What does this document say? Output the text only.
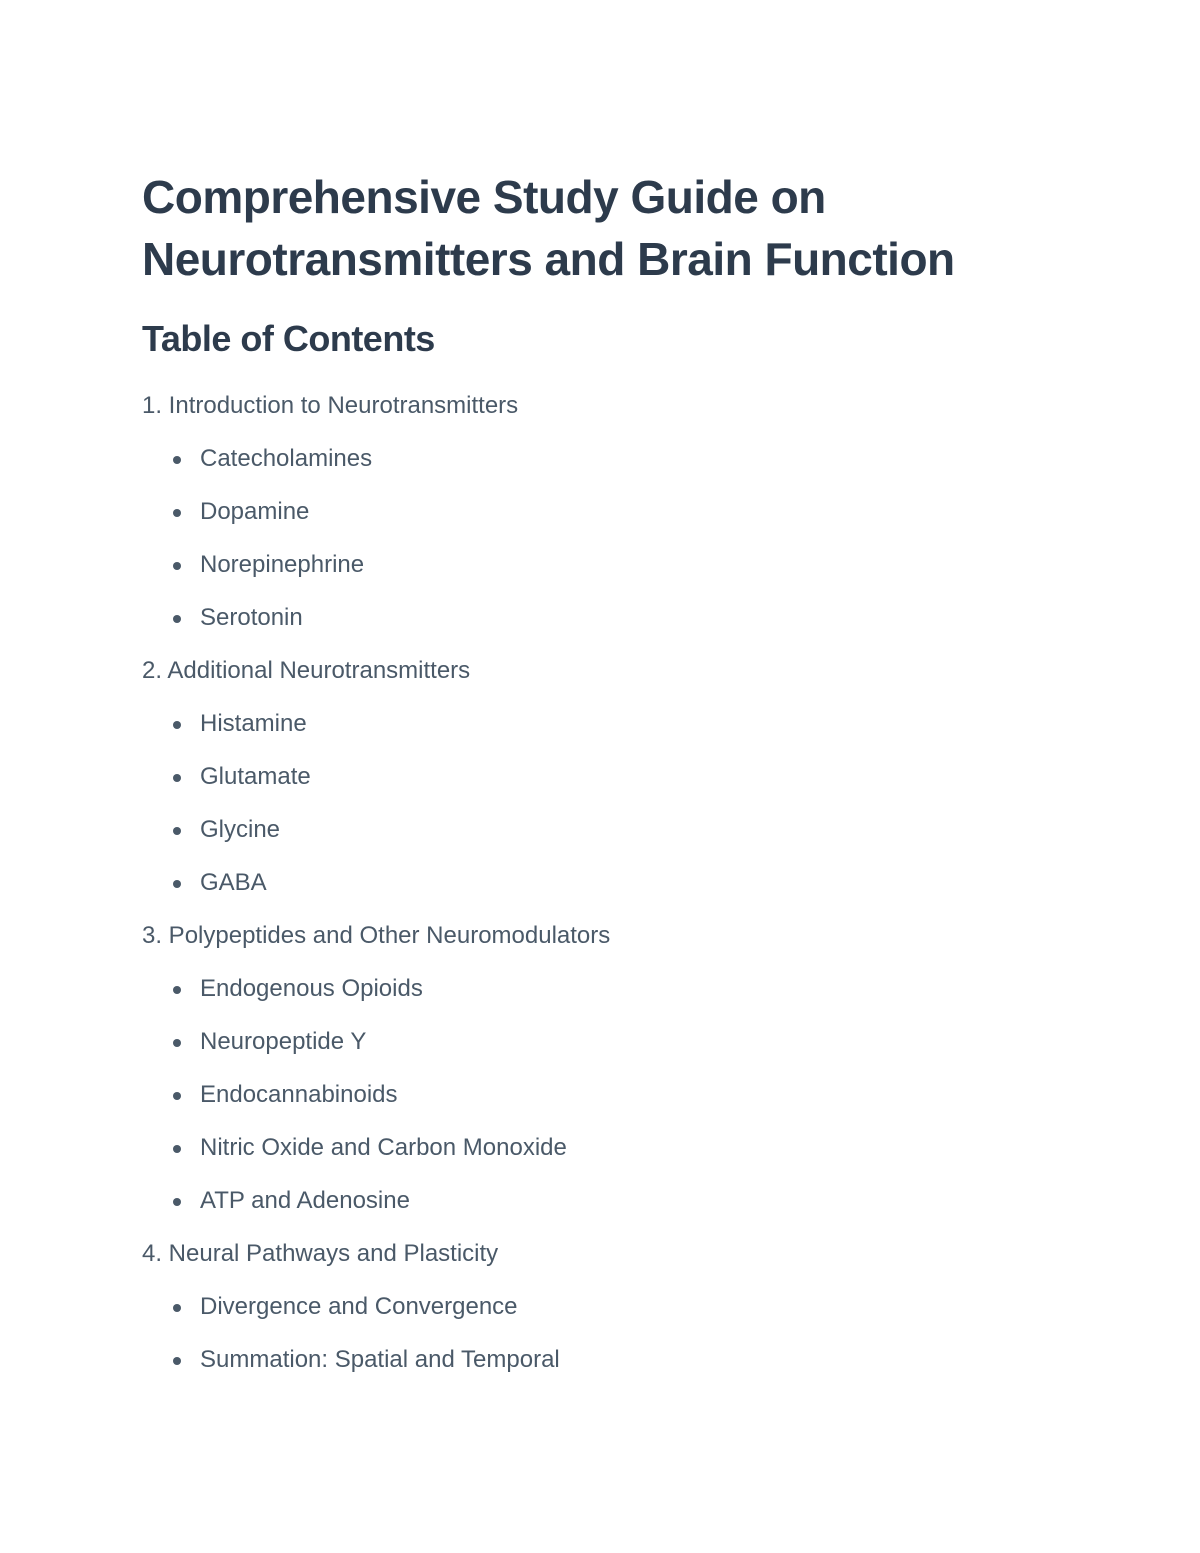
Comprehensive Study Guide on
Neurotransmitters and Brain Function
Table of Contents
1. Introduction to Neurotransmitters
Catecholamines
Dopamine
Norepinephrine
Serotonin
2. Additional Neurotransmitters
Histamine
Glutamate
Glycine
GABA
3. Polypeptides and Other Neuromodulators
Endogenous Opioids
Neuropeptide Y
Endocannabinoids
Nitric Oxide and Carbon Monoxide
ATP and Adenosine
4. Neural Pathways and Plasticity
Divergence and Convergence
Summation: Spatial and Temporal
